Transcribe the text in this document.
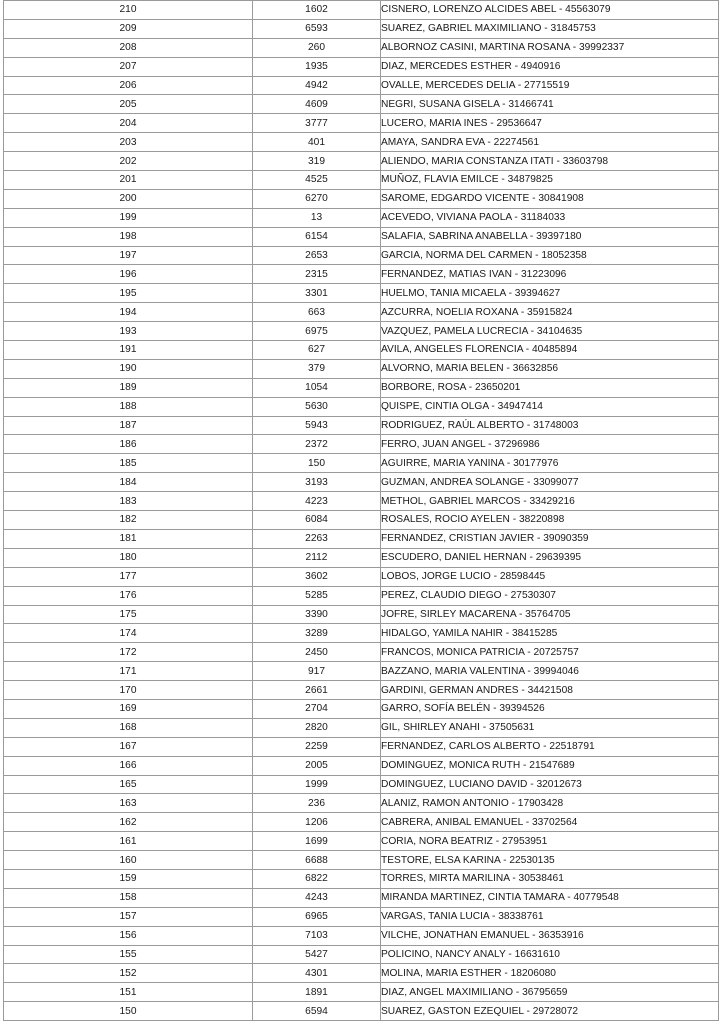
210	1602	CISNERO, LORENZO ALCIDES ABEL - 45563079
209	6593	SUAREZ, GABRIEL MAXIMILIANO - 31845753
208	260	ALBORNOZ CASINI, MARTINA ROSANA - 39992337
207	1935	DIAZ, MERCEDES ESTHER - 4940916
206	4942	OVALLE, MERCEDES DELIA - 27715519
205	4609	NEGRI, SUSANA GISELA - 31466741
204	3777	LUCERO, MARIA INES - 29536647
203	401	AMAYA, SANDRA EVA - 22274561
202	319	ALIENDO, MARIA CONSTANZA ITATI - 33603798
201	4525	MUÑOZ, FLAVIA EMILCE - 34879825
200	6270	SAROME, EDGARDO VICENTE - 30841908
199	13	ACEVEDO, VIVIANA PAOLA - 31184033
198	6154	SALAFIA, SABRINA ANABELLA - 39397180
197	2653	GARCIA, NORMA DEL CARMEN - 18052358
196	2315	FERNANDEZ, MATIAS IVAN - 31223096
195	3301	HUELMO, TANIA MICAELA - 39394627
194	663	AZCURRA, NOELIA ROXANA - 35915824
193	6975	VAZQUEZ, PAMELA LUCRECIA - 34104635
191	627	AVILA, ANGELES FLORENCIA - 40485894
190	379	ALVORNO, MARIA BELEN - 36632856
189	1054	BORBORE, ROSA - 23650201
188	5630	QUISPE, CINTIA OLGA - 34947414
187	5943	RODRIGUEZ, RAÚL ALBERTO - 31748003
186	2372	FERRO, JUAN ANGEL - 37296986
185	150	AGUIRRE, MARIA YANINA - 30177976
184	3193	GUZMAN, ANDREA SOLANGE - 33099077
183	4223	METHOL, GABRIEL MARCOS - 33429216
182	6084	ROSALES, ROCIO AYELEN - 38220898
181	2263	FERNANDEZ, CRISTIAN JAVIER - 39090359
180	2112	ESCUDERO, DANIEL HERNAN - 29639395
177	3602	LOBOS, JORGE LUCIO - 28598445
176	5285	PEREZ, CLAUDIO DIEGO - 27530307
175	3390	JOFRE, SIRLEY MACARENA - 35764705
174	3289	HIDALGO, YAMILA NAHIR - 38415285
172	2450	FRANCOS, MONICA PATRICIA - 20725757
171	917	BAZZANO, MARIA VALENTINA - 39994046
170	2661	GARDINI, GERMAN ANDRES - 34421508
169	2704	GARRO, SOFÍA BELÉN - 39394526
168	2820	GIL, SHIRLEY ANAHI - 37505631
167	2259	FERNANDEZ, CARLOS ALBERTO - 22518791
166	2005	DOMINGUEZ, MONICA RUTH - 21547689
165	1999	DOMINGUEZ, LUCIANO DAVID - 32012673
163	236	ALANIZ, RAMON ANTONIO - 17903428
162	1206	CABRERA, ANIBAL EMANUEL - 33702564
161	1699	CORIA, NORA BEATRIZ - 27953951
160	6688	TESTORE, ELSA KARINA - 22530135
159	6822	TORRES, MIRTA MARILINA - 30538461
158	4243	MIRANDA MARTINEZ, CINTIA TAMARA - 40779548
157	6965	VARGAS, TANIA LUCIA - 38338761
156	7103	VILCHE, JONATHAN EMANUEL - 36353916
155	5427	POLICINO, NANCY ANALY - 16631610
152	4301	MOLINA, MARIA ESTHER - 18206080
151	1891	DIAZ, ANGEL MAXIMILIANO - 36795659
150	6594	SUAREZ, GASTON EZEQUIEL - 29728072
